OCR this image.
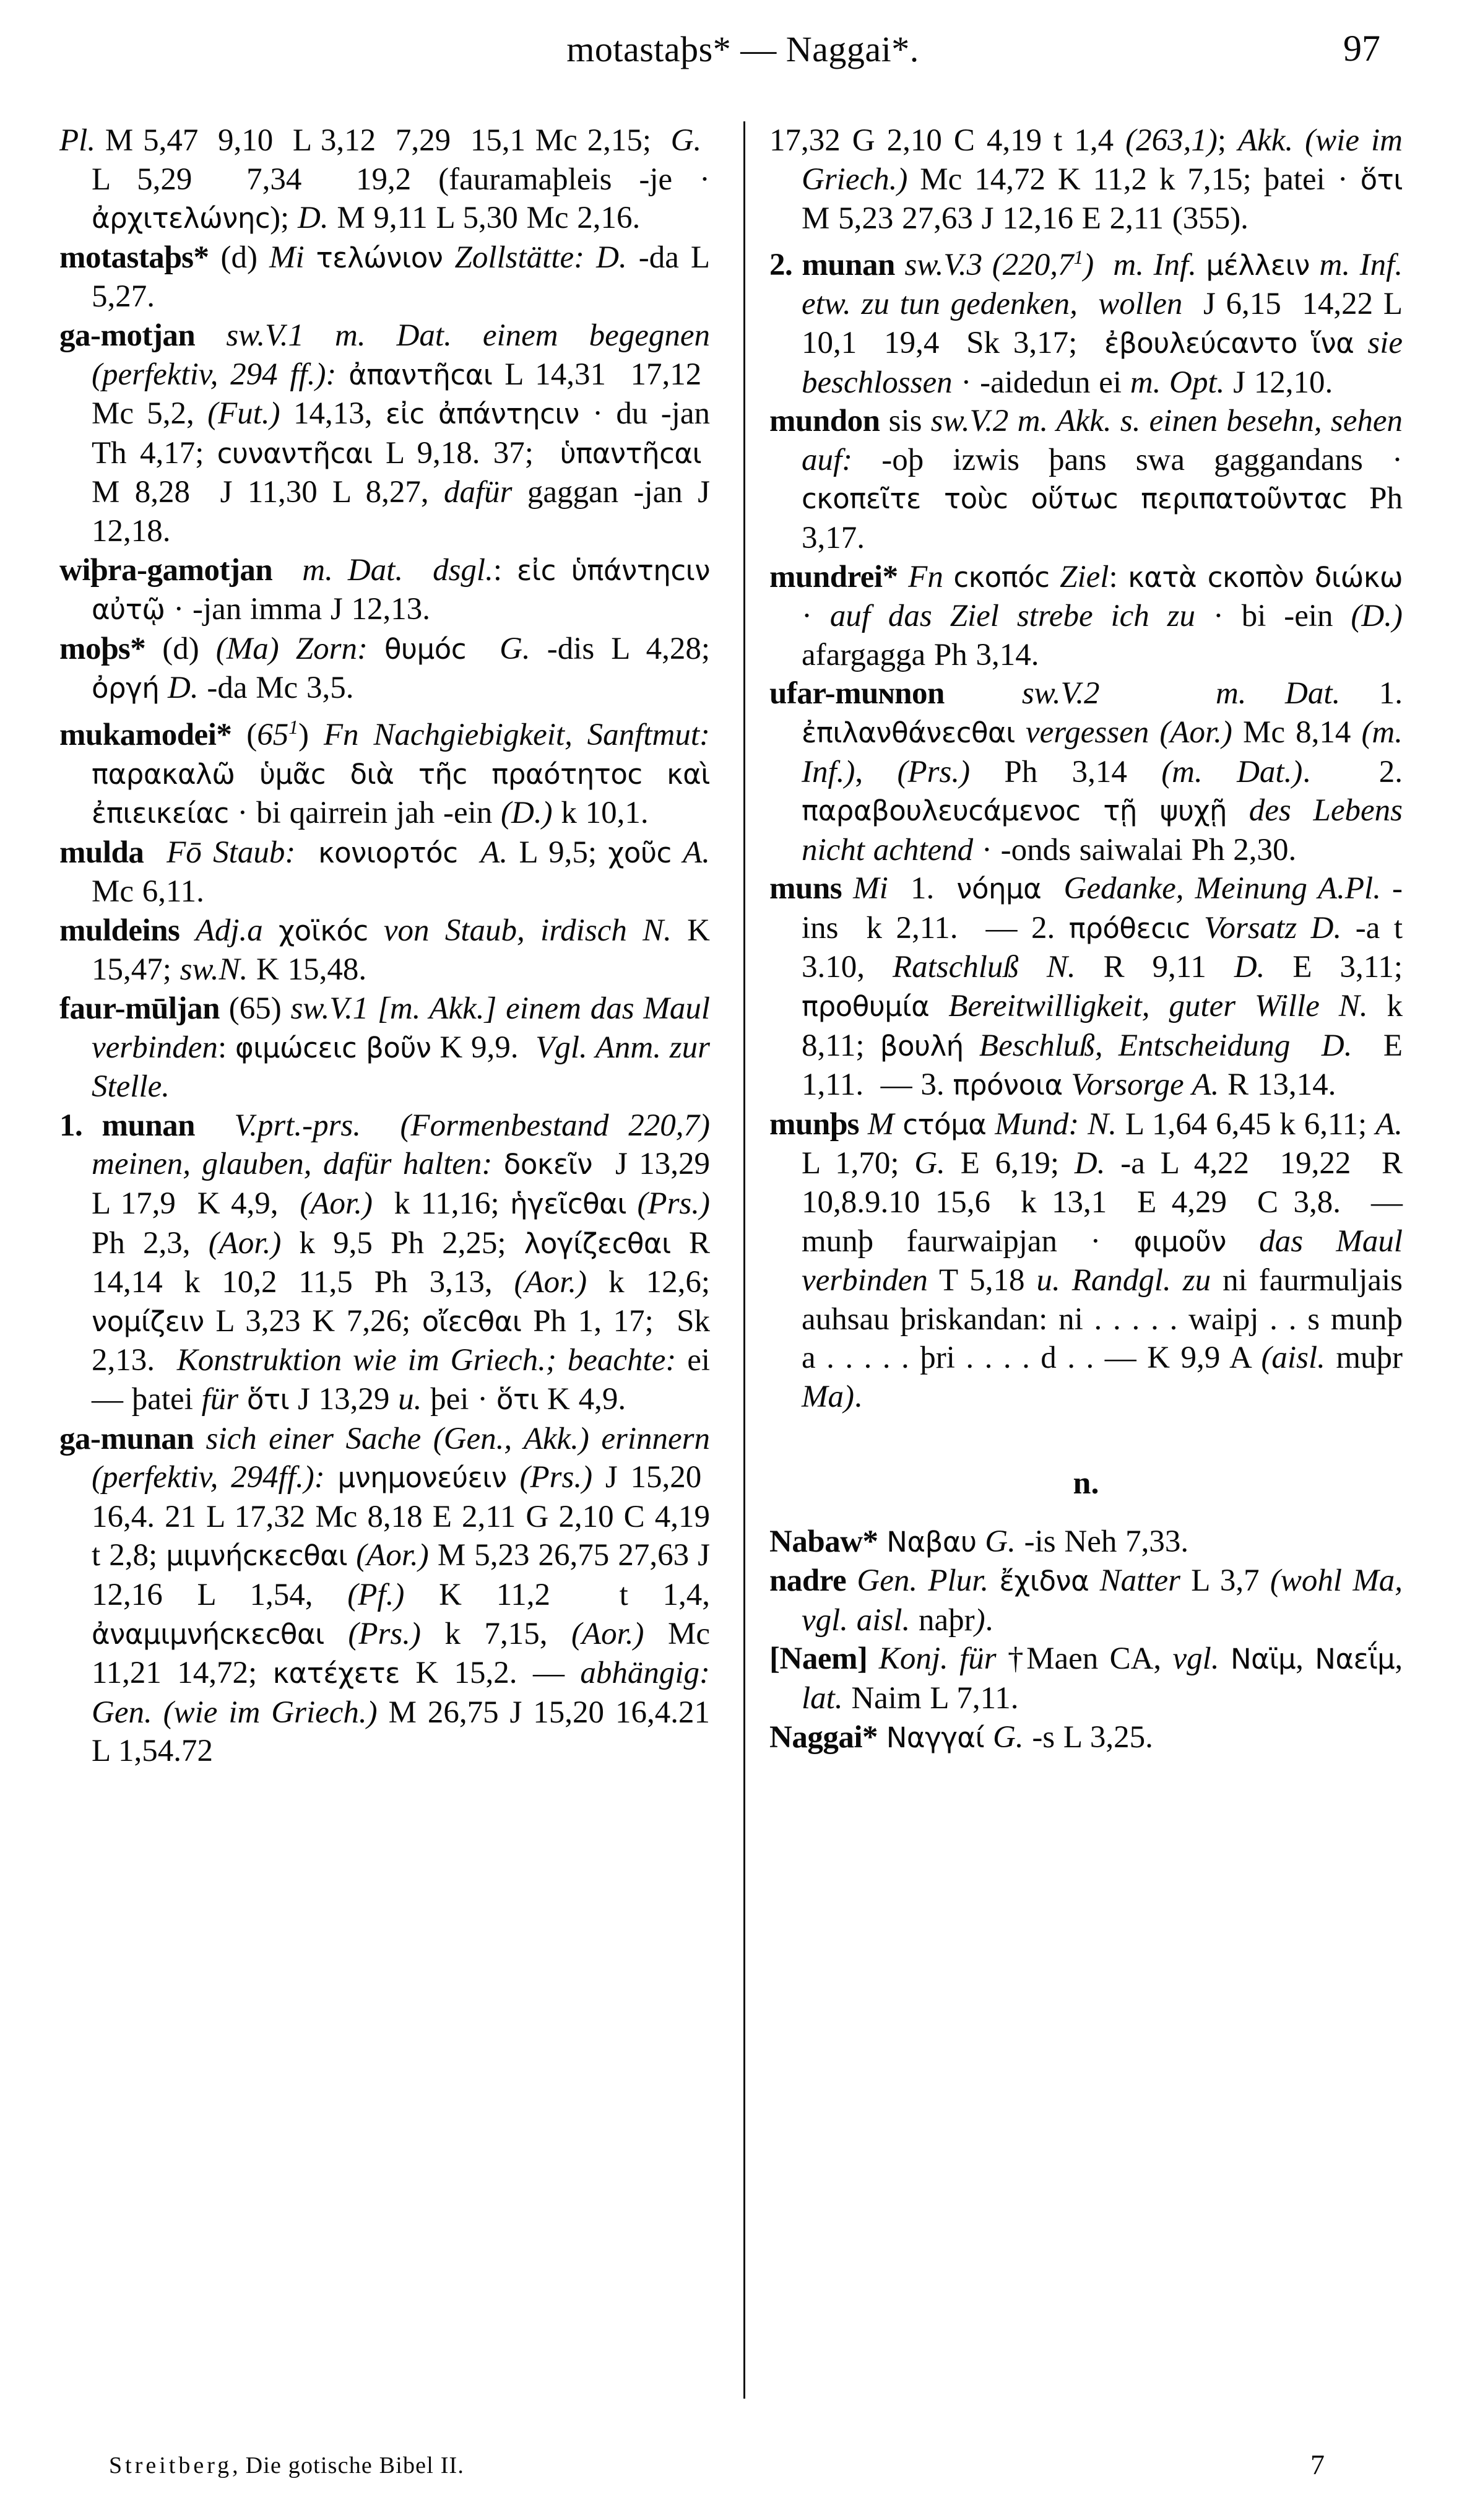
motastaþs* — Naggai*.	97

Pl. M 5,47  9,10  L 3,12  7,29  15,1 Mc 2,15;  G.  L 5,29  7,34  19,2 (fauramaþleis -je · ἀρχιτελώνηϲ); D. M 9,11 L 5,30 Mc 2,16.

motastaþs* (d) Mi τελώνιον Zollstätte: D. -da L 5,27.

ga-motjan sw.V.1 m. Dat. einem begegnen (perfektiv, 294 ff.): ἀπαντῆϲαι L 14,31  17,12  Mc 5,2, (Fut.) 14,13, εἰϲ ἀπάντηϲιν · du -jan Th 4,17; ϲυναντῆϲαι L 9,18. 37;  ὑπαντῆϲαι  M 8,28  J 11,30 L 8,27, dafür gaggan -jan J 12,18.

wiþra-gamotjan m. Dat. dsgl.: εἰϲ ὑπάντηϲιν αὐτῷ · -jan imma J 12,13.

moþs* (d) (Ma) Zorn: θυμόϲ G. -dis L 4,28; ὀργή D. -da Mc 3,5.

mukamodei* $(65^1)$ Fn Nachgiebigkeit, Sanftmut: παρακαλῶ ὑμᾶϲ διὰ τῆϲ πραότητοϲ καὶ ἐπιεικείαϲ · bi qairrein jah -ein (D.) k 10,1.

mulda Fō Staub: κονιορτόϲ A. L 9,5; χοῦϲ A. Mc 6,11.

muldeins Adj.a χοϊκόϲ von Staub, irdisch N. K 15,47; sw.N. K 15,48.

faur-mūljan (65) sw.V.1 [m. Akk.] einem das Maul verbinden: φιμώϲειϲ βοῦν K 9,9.  Vgl. Anm. zur Stelle.

1. munan V.prt.-prs. (Formenbestand 220,7) meinen, glauben, dafür halten: δοκεῖν  J 13,29 L 17,9  K 4,9,  (Aor.)  k 11,16; ἡγεῖϲθαι (Prs.) Ph 2,3, (Aor.) k 9,5 Ph 2,25; λογίζεϲθαι R 14,14 k 10,2 11,5 Ph 3,13, (Aor.) k 12,6; νομίζειν L 3,23 K 7,26; οἴεϲθαι Ph 1, 17;  Sk 2,13.  Konstruktion wie im Griech.; beachte: ei — þatei für ὅτι J 13,29 u. þei · ὅτι K 4,9.

ga-munan sich einer Sache (Gen., Akk.) erinnern (perfektiv, 294ff.): μνημονεύειν (Prs.) J 15,20  16,4. 21 L 17,32 Mc 8,18 E 2,11 G 2,10 C 4,19 t 2,8; μιμνήϲκεϲθαι (Aor.) M 5,23 26,75 27,63 J 12,16 L 1,54, (Pf.) K 11,2  t 1,4, ἀναμιμνήϲκεϲθαι (Prs.) k 7,15, (Aor.) Mc 11,21 14,72; κατέχετε K 15,2. — abhängig: Gen. (wie im Griech.) M 26,75 J 15,20 16,4.21 L 1,54.72

17,32 G 2,10 C 4,19 t 1,4 (263,1); Akk. (wie im Griech.) Mc 14,72 K 11,2 k 7,15; þatei · ὅτι M 5,23 27,63 J 12,16 E 2,11 (355).

2. munan sw.V.3 (220,7$^1$) m. Inf. μέλλειν m. Inf. etw. zu tun gedenken,  wollen  J 6,15  14,22 L 10,1  19,4  Sk 3,17;  ἐβουλεύϲαντο ἵνα sie beschlossen · -aidedun ei m. Opt. J 12,10.

mundon sis sw.V.2 m. Akk. s. einen besehn, sehen auf: -oþ izwis þans swa gaggandans · ϲκοπεῖτε τοὺϲ οὕτωϲ περιπατοῦνταϲ Ph 3,17.

mundrei* Fn ϲκοπόϲ Ziel: κατὰ ϲκοπὸν διώκω · auf das Ziel strebe ich zu · bi -ein (D.) afargagga Ph 3,14.

ufar-muɴnon sw.V.2	m. Dat. 1. ἐπιλανθάνεϲθαι vergessen (Aor.) Mc 8,14 (m. Inf.), (Prs.) Ph 3,14 (m. Dat.).  2. παραβουλευϲάμενοϲ τῇ ψυχῇ des Lebens nicht achtend · -onds saiwalai Ph 2,30.

muns Mi  1.  νόημα Gedanke, Meinung A.Pl. -ins  k 2,11.  — 2. πρόθεϲιϲ Vorsatz D. -a t 3.10, Ratschluß N. R 9,11 D. E 3,11; προθυμία Bereitwilligkeit, guter Wille N. k 8,11; βουλή Beschluß, Entscheidung D.  E 1,11.  — 3. πρόνοια Vorsorge A. R 13,14.

munþs M ϲτόμα Mund: N. L 1,64 6,45 k 6,11; A. L 1,70; G. E 6,19; D. -a L 4,22  19,22  R 10,8.9.10 15,6  k 13,1  E 4,29  C 3,8.  — munþ faurwaipjan · φιμοῦν das Maul verbinden T 5,18 u. Randgl. zu ni faurmuljais auhsau þriskandan: ni . . . . . waipj . . s munþ a . . . . . þri . . . . d . . — K 9,9 A (aisl. muþr Ma).

n.

Nabaw* Ναβαυ G. -is Neh 7,33.

nadre Gen. Plur. ἔχιδνα Natter L 3,7 (wohl Ma, vgl. aisl. naþr).

[Naem] Konj. für †Maen CA, vgl. Ναϊμ, Ναεΐμ, lat. Naim L 7,11.

Naggai* Ναγγαί G. -s L 3,25.

Streitberg, Die gotische Bibel II.	7
